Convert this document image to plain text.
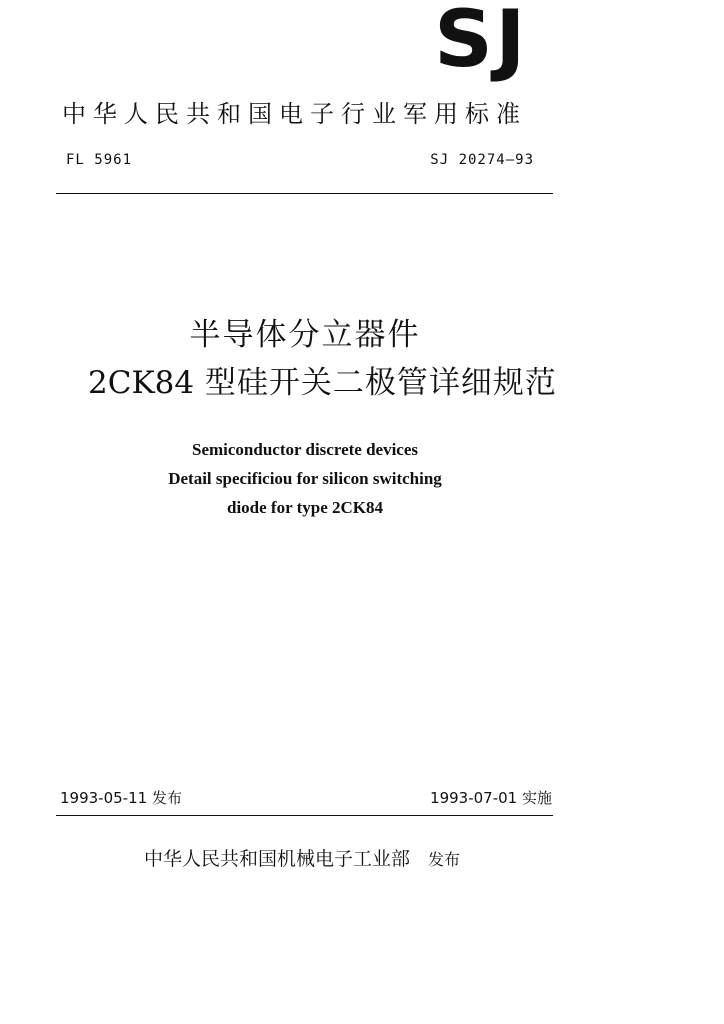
SJ
中华人民共和国电子行业军用标准
FL 5961	SJ 20274—93
半导体分立器件
2CK84 型硅开关二极管详细规范
Semiconductor discrete devices
Detail specificiou for silicon switching
diode for type 2CK84
1993-05-11 发布	1993-07-01 实施
中华人民共和国机械电子工业部 发布
